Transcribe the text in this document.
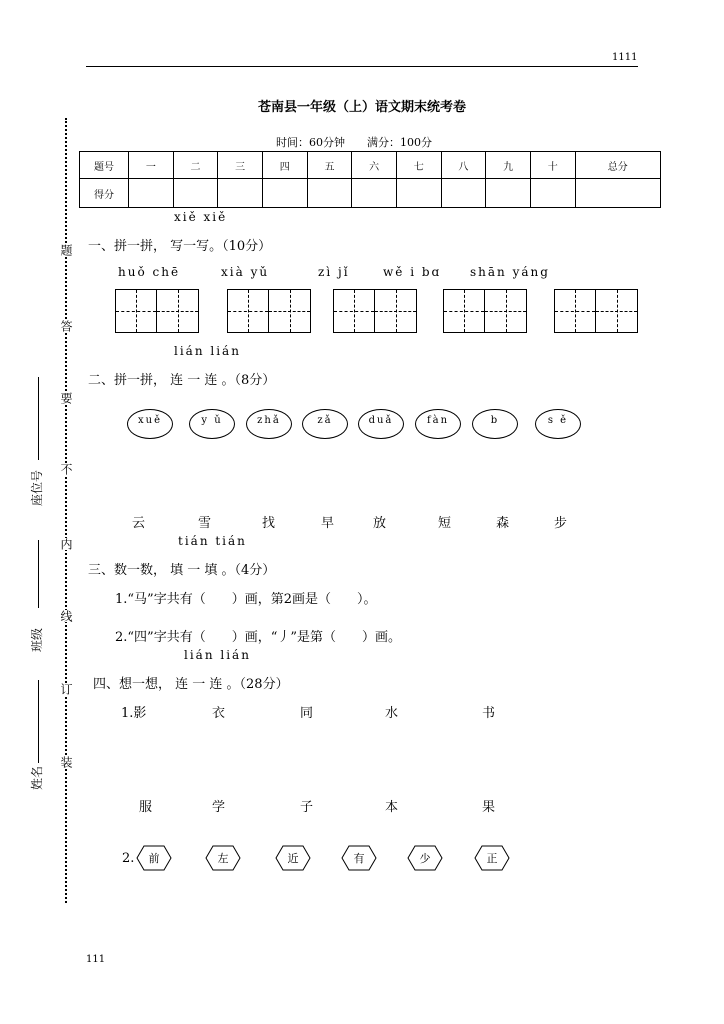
1111
苍南县一年级（上）语文期末统考卷
时间：60分钟　　满分：100分
题号	一	二	三	四	五	六	七	八	九	十	总分
得分											
题
答
要
不
内
线
订
装
座位号
班级
姓名
xiě xiě
一、拼一拼， 写一写。（10分）
huǒ chē	xià yǔ	zì jǐ	wě i bɑ shān yáng
lián lián
二、拼一拼， 连 一 连 。（8分）
xuě	y ǔ	zhǎ	zǎ	duǎ	fàn	b	s ě
云	雪	找	早	放	短	森	步
tián tián
三、数一数， 填 一 填 。（4分）
1.“马”字共有（　　）画，第2画是（　　）。
2.“四”字共有（　　）画，“丿”是第（　　）画。
lián lián
四、想一想， 连 一 连 。（28分）
1.影	衣	同	水	书
服	学	子	本	果
2.	前	左	近	有	少	正
111
